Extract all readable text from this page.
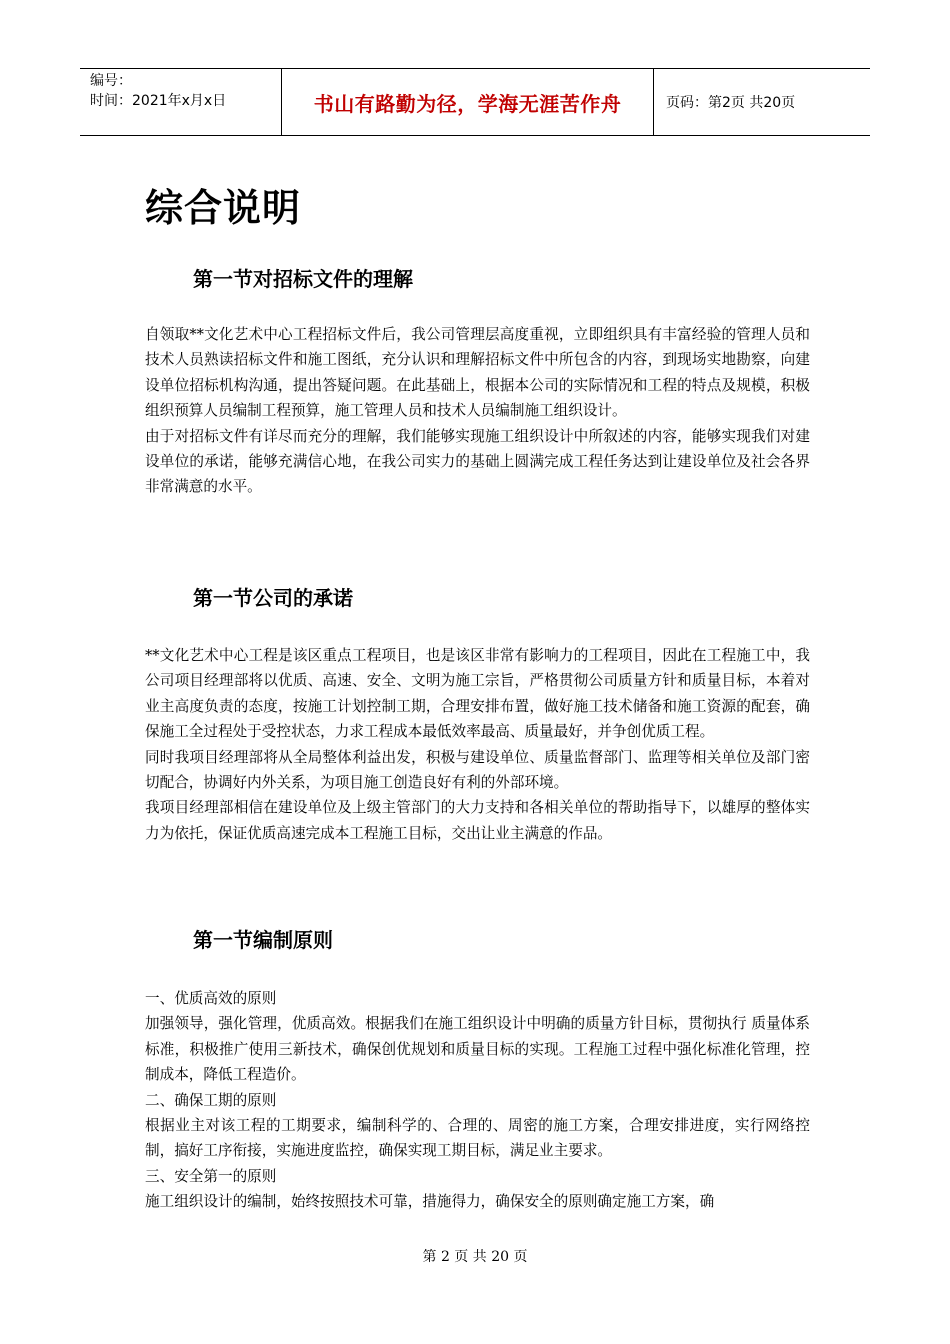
编号：
时间：2021年x月x日	书山有路勤为径，学海无涯苦作舟	页码：第2页 共20页
综合说明
第一节对招标文件的理解

自领取**文化艺术中心工程招标文件后，我公司管理层高度重视，立即组织具有丰富经验的管理人员和技术人员熟读招标文件和施工图纸，充分认识和理解招标文件中所包含的内容，到现场实地勘察，向建设单位招标机构沟通，提出答疑问题。在此基础上，根据本公司的实际情况和工程的特点及规模，积极组织预算人员编制工程预算，施工管理人员和技术人员编制施工组织设计。

由于对招标文件有详尽而充分的理解，我们能够实现施工组织设计中所叙述的内容，能够实现我们对建设单位的承诺，能够充满信心地，在我公司实力的基础上圆满完成工程任务达到让建设单位及社会各界非常满意的水平。

第一节公司的承诺

**文化艺术中心工程是该区重点工程项目，也是该区非常有影响力的工程项目，因此在工程施工中，我公司项目经理部将以优质、高速、安全、文明为施工宗旨，严格贯彻公司质量方针和质量目标，本着对业主高度负责的态度，按施工计划控制工期，合理安排布置，做好施工技术储备和施工资源的配套，确保施工全过程处于受控状态，力求工程成本最低效率最高、质量最好，并争创优质工程。

同时我项目经理部将从全局整体利益出发，积极与建设单位、质量监督部门、监理等相关单位及部门密切配合，协调好内外关系，为项目施工创造良好有利的外部环境。

我项目经理部相信在建设单位及上级主管部门的大力支持和各相关单位的帮助指导下，以雄厚的整体实力为依托，保证优质高速完成本工程施工目标，交出让业主满意的作品。

第一节编制原则

一、优质高效的原则

加强领导，强化管理，优质高效。根据我们在施工组织设计中明确的质量方针目标，贯彻执行 质量体系标准，积极推广使用三新技术，确保创优规划和质量目标的实现。工程施工过程中强化标准化管理，控制成本，降低工程造价。

二、确保工期的原则

根据业主对该工程的工期要求，编制科学的、合理的、周密的施工方案，合理安排进度，实行网络控制，搞好工序衔接，实施进度监控，确保实现工期目标，满足业主要求。

三、安全第一的原则

施工组织设计的编制，始终按照技术可靠，措施得力，确保安全的原则确定施工方案，确

第 2 页 共 20 页
